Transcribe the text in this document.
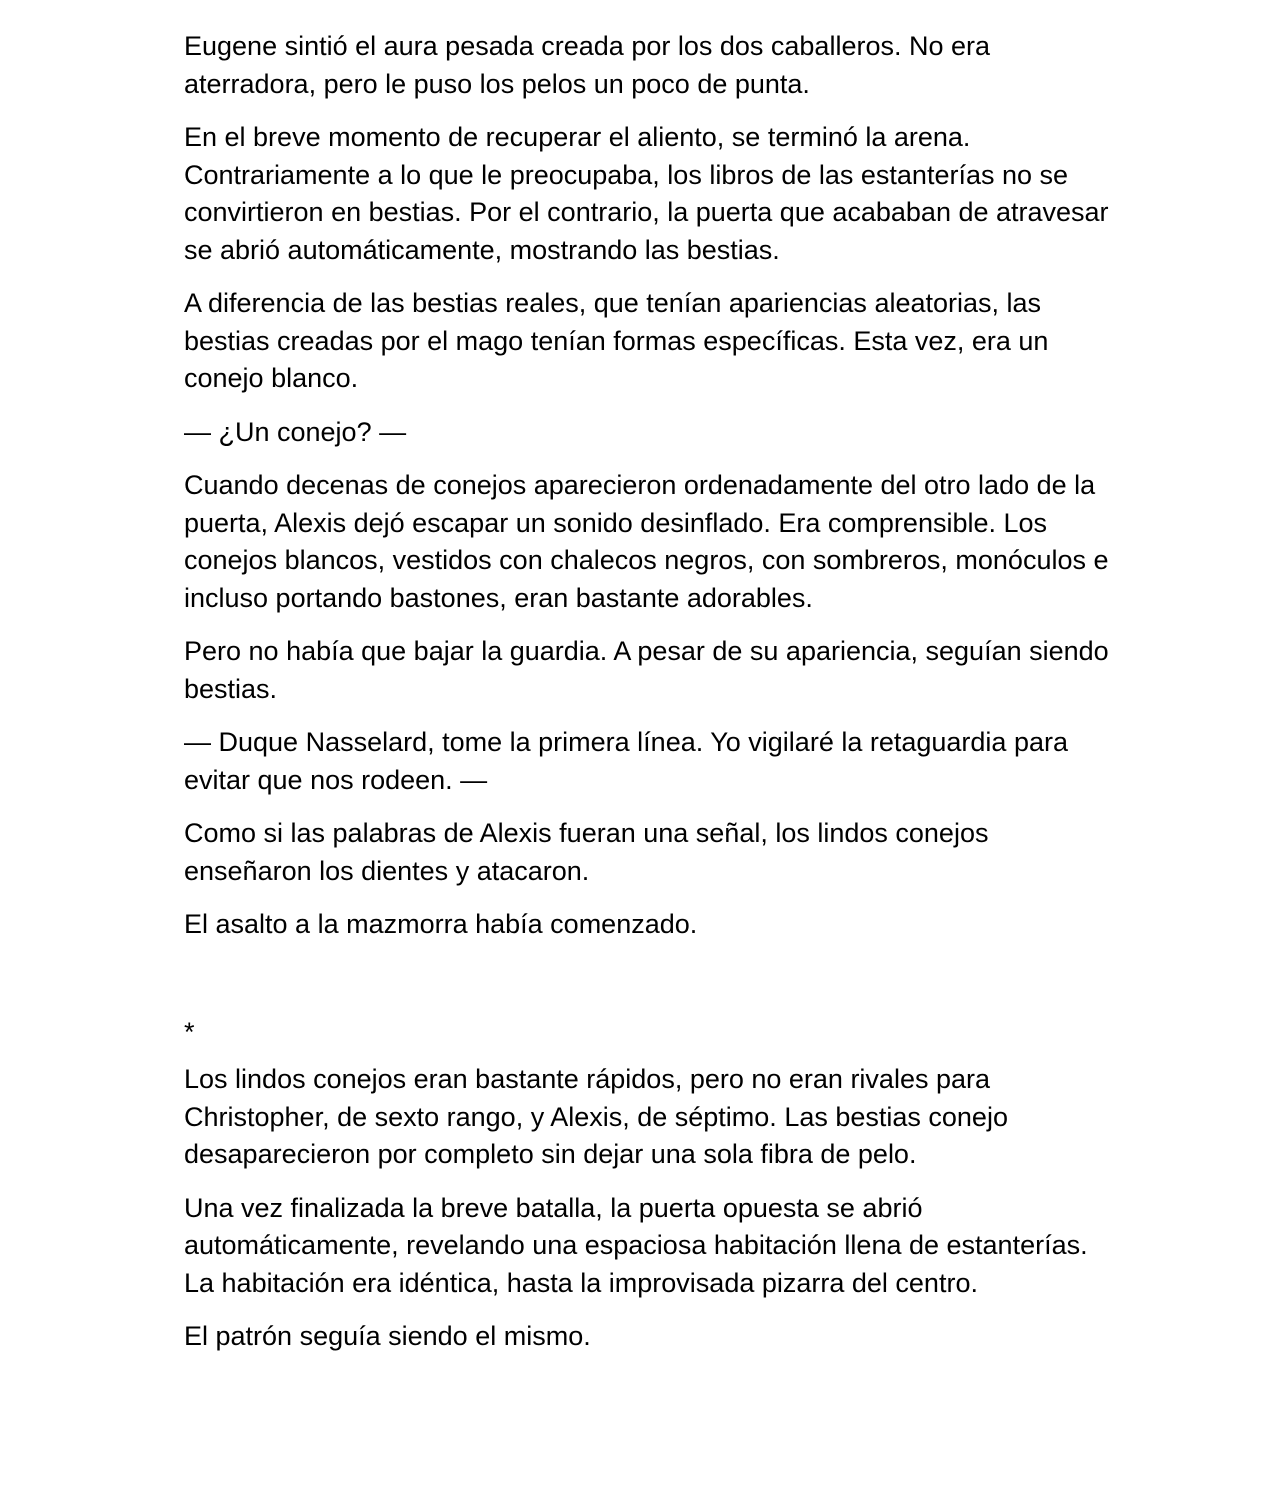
Eugene sintió el aura pesada creada por los dos caballeros. No era aterradora, pero le puso los pelos un poco de punta.

En el breve momento de recuperar el aliento, se terminó la arena. Contrariamente a lo que le preocupaba, los libros de las estanterías no se convirtieron en bestias. Por el contrario, la puerta que acababan de atravesar se abrió automáticamente, mostrando las bestias.

A diferencia de las bestias reales, que tenían apariencias aleatorias, las bestias creadas por el mago tenían formas específicas. Esta vez, era un conejo blanco.

— ¿Un conejo? —

Cuando decenas de conejos aparecieron ordenadamente del otro lado de la puerta, Alexis dejó escapar un sonido desinflado. Era comprensible. Los conejos blancos, vestidos con chalecos negros, con sombreros, monóculos e incluso portando bastones, eran bastante adorables.

Pero no había que bajar la guardia. A pesar de su apariencia, seguían siendo bestias.

— Duque Nasselard, tome la primera línea. Yo vigilaré la retaguardia para evitar que nos rodeen. —

Como si las palabras de Alexis fueran una señal, los lindos conejos enseñaron los dientes y atacaron.

El asalto a la mazmorra había comenzado.

*

Los lindos conejos eran bastante rápidos, pero no eran rivales para Christopher, de sexto rango, y Alexis, de séptimo. Las bestias conejo desaparecieron por completo sin dejar una sola fibra de pelo.

Una vez finalizada la breve batalla, la puerta opuesta se abrió automáticamente, revelando una espaciosa habitación llena de estanterías. La habitación era idéntica, hasta la improvisada pizarra del centro.

El patrón seguía siendo el mismo.
